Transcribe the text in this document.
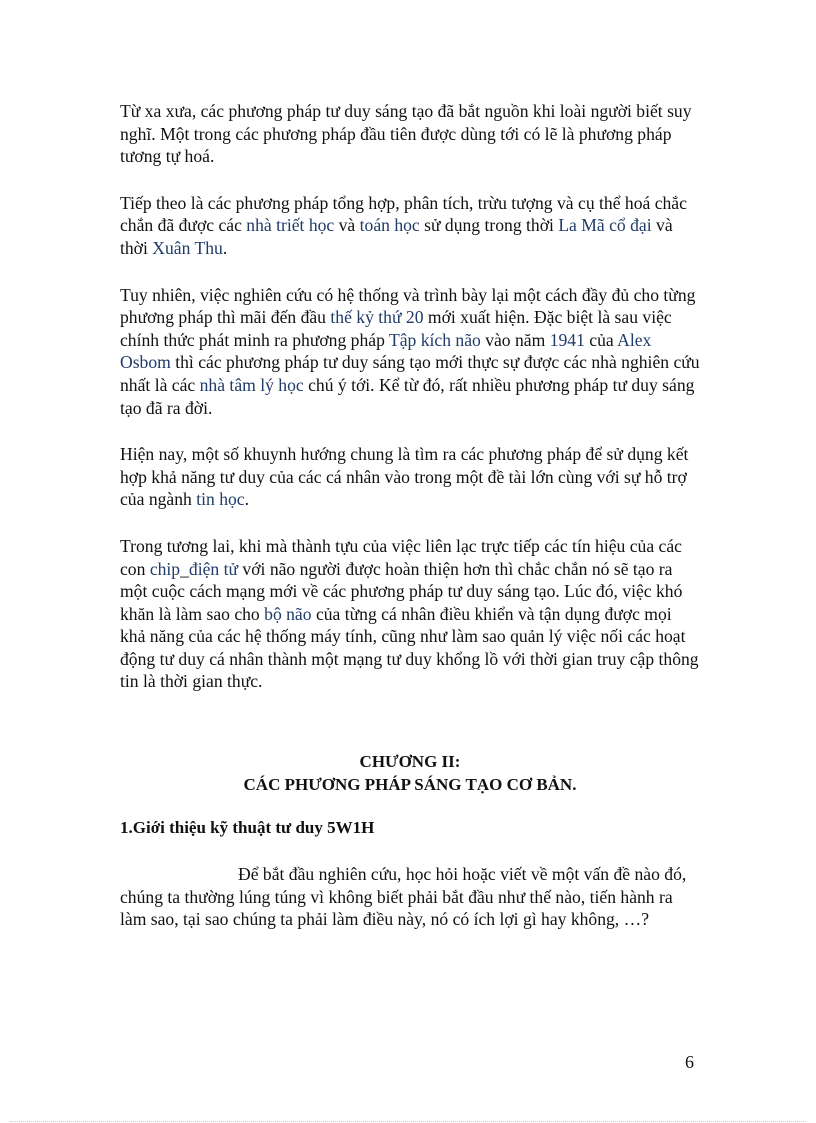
Từ xa xưa, các phương pháp tư duy sáng tạo đã bắt nguồn khi loài người biết suy nghĩ. Một trong các phương pháp đầu tiên được dùng tới có lẽ là phương pháp tương tự hoá.

Tiếp theo là các phương pháp tổng hợp, phân tích, trừu tượng và cụ thể hoá chắc chắn đã được các nhà triết học và toán học sử dụng trong thời La Mã cổ đại và thời Xuân Thu.

Tuy nhiên, việc nghiên cứu có hệ thống và trình bày lại một cách đầy đủ cho từng phương pháp thì mãi đến đầu thế kỷ thứ 20 mới xuất hiện. Đặc biệt là sau việc chính thức phát minh ra phương pháp Tập kích não vào năm 1941 của Alex Osbom thì các phương pháp tư duy sáng tạo mới thực sự được các nhà nghiên cứu nhất là các nhà tâm lý học chú ý tới. Kể từ đó, rất nhiều phương pháp tư duy sáng tạo đã ra đời.

Hiện nay, một số khuynh hướng chung là tìm ra các phương pháp để sử dụng kết hợp khả năng tư duy của các cá nhân vào trong một đề tài lớn cùng với sự hỗ trợ của ngành tin học.

Trong tương lai, khi mà thành tựu của việc liên lạc trực tiếp các tín hiệu của các con chip_điện tử với não người được hoàn thiện hơn thì chắc chắn nó sẽ tạo ra một cuộc cách mạng mới về các phương pháp tư duy sáng tạo. Lúc đó, việc khó khăn là làm sao cho bộ não của từng cá nhân điều khiển và tận dụng được mọi khả năng của các hệ thống máy tính, cũng như làm sao quản lý việc nối các hoạt động tư duy cá nhân thành một mạng tư duy khổng lồ với thời gian truy cập thông tin là thời gian thực.

CHƯƠNG II:
CÁC PHƯƠNG PHÁP SÁNG TẠO CƠ BẢN.

1.Giới thiệu kỹ thuật tư duy 5W1H

Để bắt đầu nghiên cứu, học hỏi hoặc viết về một vấn đề nào đó, chúng ta thường lúng túng vì không biết phải bắt đầu như thế nào, tiến hành ra làm sao, tại sao chúng ta phải làm điều này, nó có ích lợi gì hay không, …?

6
